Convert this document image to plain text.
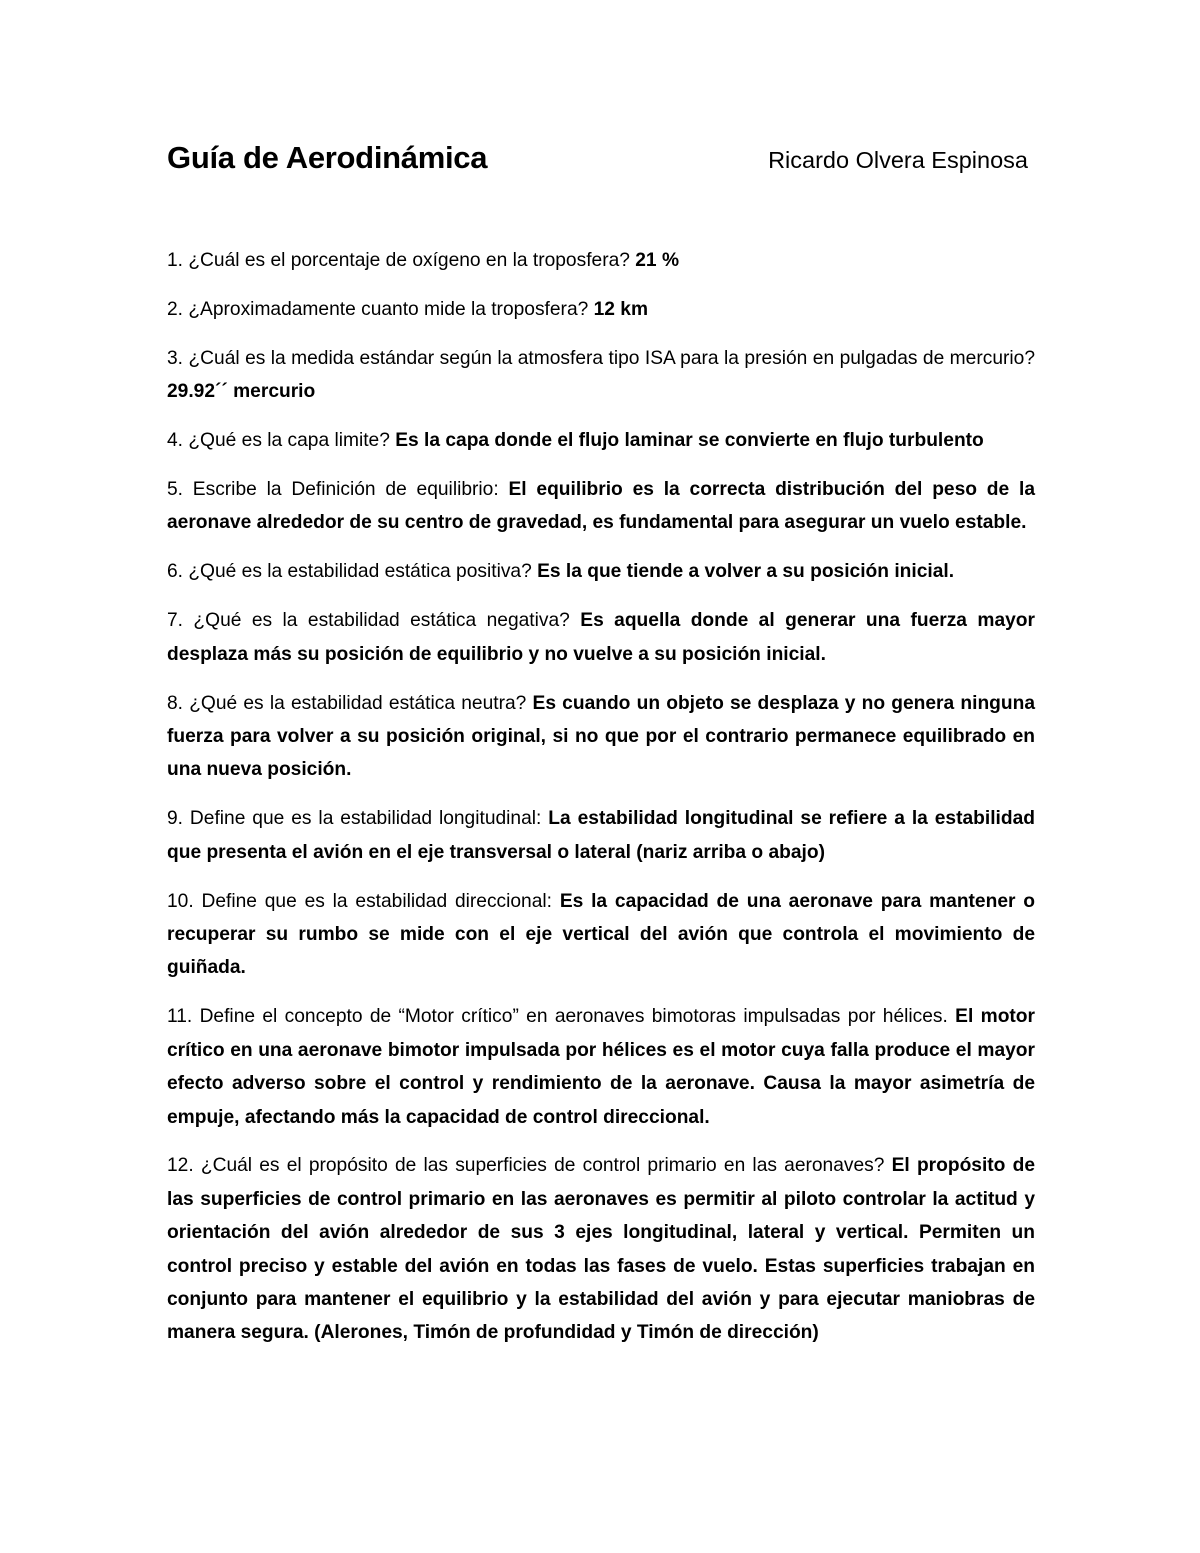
Guía de Aerodinámica	Ricardo Olvera Espinosa

1. ¿Cuál es el porcentaje de oxígeno en la troposfera? 21 %

2. ¿Aproximadamente cuanto mide la troposfera? 12 km

3. ¿Cuál es la medida estándar según la atmosfera tipo ISA para la presión en pulgadas de mercurio? 29.92´´ mercurio

4. ¿Qué es la capa limite? Es la capa donde el flujo laminar se convierte en flujo turbulento

5. Escribe la Definición de equilibrio: El equilibrio es la correcta distribución del peso de la aeronave alrededor de su centro de gravedad, es fundamental para asegurar un vuelo estable.

6. ¿Qué es la estabilidad estática positiva? Es la que tiende a volver a su posición inicial.

7. ¿Qué es la estabilidad estática negativa? Es aquella donde al generar una fuerza mayor desplaza más su posición de equilibrio y no vuelve a su posición inicial.

8. ¿Qué es la estabilidad estática neutra? Es cuando un objeto se desplaza y no genera ninguna fuerza para volver a su posición original, si no que por el contrario permanece equilibrado en una nueva posición.

9. Define que es la estabilidad longitudinal: La estabilidad longitudinal se refiere a la estabilidad que presenta el avión en el eje transversal o lateral (nariz arriba o abajo)

10. Define que es la estabilidad direccional: Es la capacidad de una aeronave para mantener o recuperar su rumbo se mide con el eje vertical del avión que controla el movimiento de guiñada.

11. Define el concepto de “Motor crítico” en aeronaves bimotoras impulsadas por hélices. El motor crítico en una aeronave bimotor impulsada por hélices es el motor cuya falla produce el mayor efecto adverso sobre el control y rendimiento de la aeronave. Causa la mayor asimetría de empuje, afectando más la capacidad de control direccional.

12. ¿Cuál es el propósito de las superficies de control primario en las aeronaves? El propósito de las superficies de control primario en las aeronaves es permitir al piloto controlar la actitud y orientación del avión alrededor de sus 3 ejes longitudinal, lateral y vertical. Permiten un control preciso y estable del avión en todas las fases de vuelo. Estas superficies trabajan en conjunto para mantener el equilibrio y la estabilidad del avión y para ejecutar maniobras de manera segura. (Alerones, Timón de profundidad y Timón de dirección)
